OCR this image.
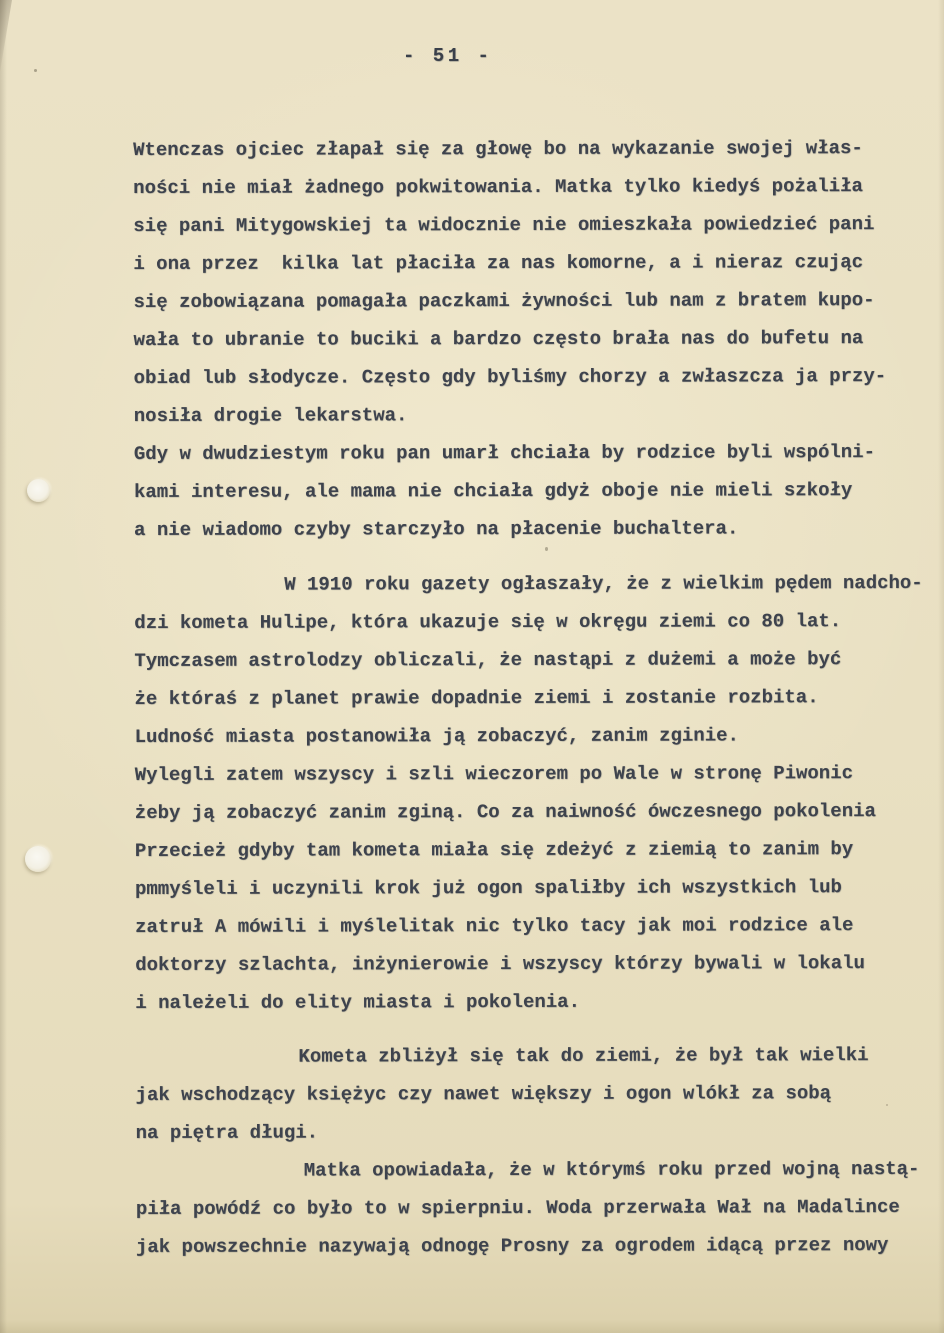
- 51 -
Wtenczas ojciec złapał się za głowę bo na wykazanie swojej włas-
ności nie miał żadnego pokwitowania. Matka tylko kiedyś pożaliła
się pani Mitygowskiej ta widocznie nie omieszkała powiedzieć pani
i ona przez  kilka lat płaciła za nas komorne, a i nieraz czując
się zobowiązana pomagała paczkami żywności lub nam z bratem kupo-
wała to ubranie to buciki a bardzo często brała nas do bufetu na
obiad lub słodycze. Często gdy byliśmy chorzy a zwłaszcza ja przy-
nosiła drogie lekarstwa.
Gdy w dwudziestym roku pan umarł chciała by rodzice byli wspólni-
kami interesu, ale mama nie chciała gdyż oboje nie mieli szkoły
a nie wiadomo czyby starczyło na płacenie buchaltera.
W 1910 roku gazety ogłaszały, że z wielkim pędem nadcho-
dzi kometa Hulipe, która ukazuje się w okręgu ziemi co 80 lat.
Tymczasem astrolodzy obliczali, że nastąpi z dużemi a może być
że któraś z planet prawie dopadnie ziemi i zostanie rozbita.
Ludność miasta postanowiła ją zobaczyć, zanim zginie.
Wylegli zatem wszyscy i szli wieczorem po Wale w stronę Piwonic
żeby ją zobaczyć zanim zginą. Co za naiwność ówczesnego pokolenia
Przecież gdyby tam kometa miała się zdeżyć z ziemią to zanim by
pmmyśleli i uczynili krok już ogon spaliłby ich wszystkich lub
zatruł A mówili i myślelitak nic tylko tacy jak moi rodzice ale
doktorzy szlachta, inżynierowie i wszyscy którzy bywali w lokalu
i należeli do elity miasta i pokolenia.
Kometa zbliżył się tak do ziemi, że był tak wielki
jak wschodzący księżyc czy nawet większy i ogon wlókł za sobą
na piętra długi.
Matka opowiadała, że w którymś roku przed wojną nastą-
piła powódź co było to w spierpniu. Woda przerwała Wał na Madalince
jak powszechnie nazywają odnogę Prosny za ogrodem idącą przez nowy
